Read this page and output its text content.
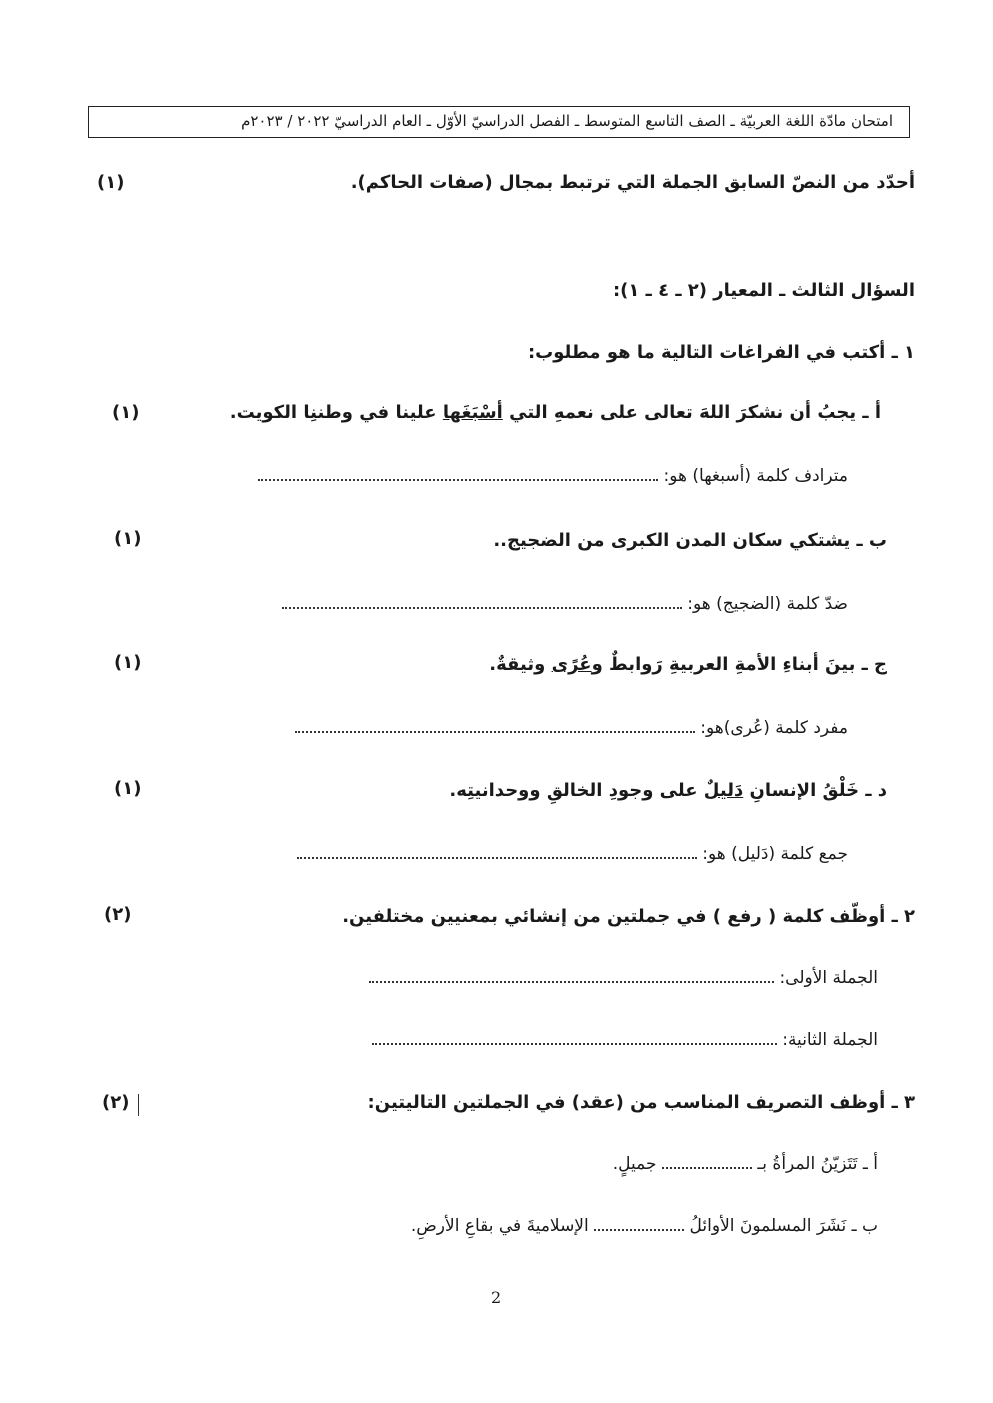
امتحان مادّة اللغة العربيّة ـ الصف التاسع المتوسط ـ الفصل الدراسيّ الأوّل ـ العام الدراسيّ ٢٠٢٢ / ٢٠٢٣م
أحدّد من النصّ السابق الجملة التي ترتبط بمجال (صفات الحاكم).
(١)
السؤال الثالث ـ المعيار (٢ ـ ٤ ـ ١):
١ ـ أكتب في الفراغات التالية ما هو مطلوب:
أ ـ يجبُ أن نشكرَ اللهَ تعالى على نعمهِ التي أسْبَغَها علينا في وطننِا الكويت.
(١)
مترادف كلمة (أسبغها) هو:
ب ـ يشتكي سكان المدن الكبرى من الضجيج..
(١)
ضدّ كلمة (الضجيج) هو:
ج ـ بينَ أبناءِ الأمةِ العربيةِ رَوابطٌ وعُرًى وثيقةٌ.
(١)
مفرد كلمة (عُرى)هو:
د ـ خَلْقُ الإنسانِ دَليلٌ على وجودِ الخالقِ ووحدانيتِه.
(١)
جمع كلمة (دَليل) هو:
٢ ـ أوظّف كلمة ( رفع ) في جملتين من إنشائي بمعنيين مختلفين.
(٢)
الجملة الأولى:
الجملة الثانية:
٣ ـ أوظف التصريف المناسب من (عقد) في الجملتين التاليتين:
(٢)
أ ـ تَتَزيّنُ المرأةُ بـ  جميلٍ.
ب ـ نَشَرَ المسلمونَ الأوائلُ  الإسلاميةَ في بقاعِ الأرضِ.
2
